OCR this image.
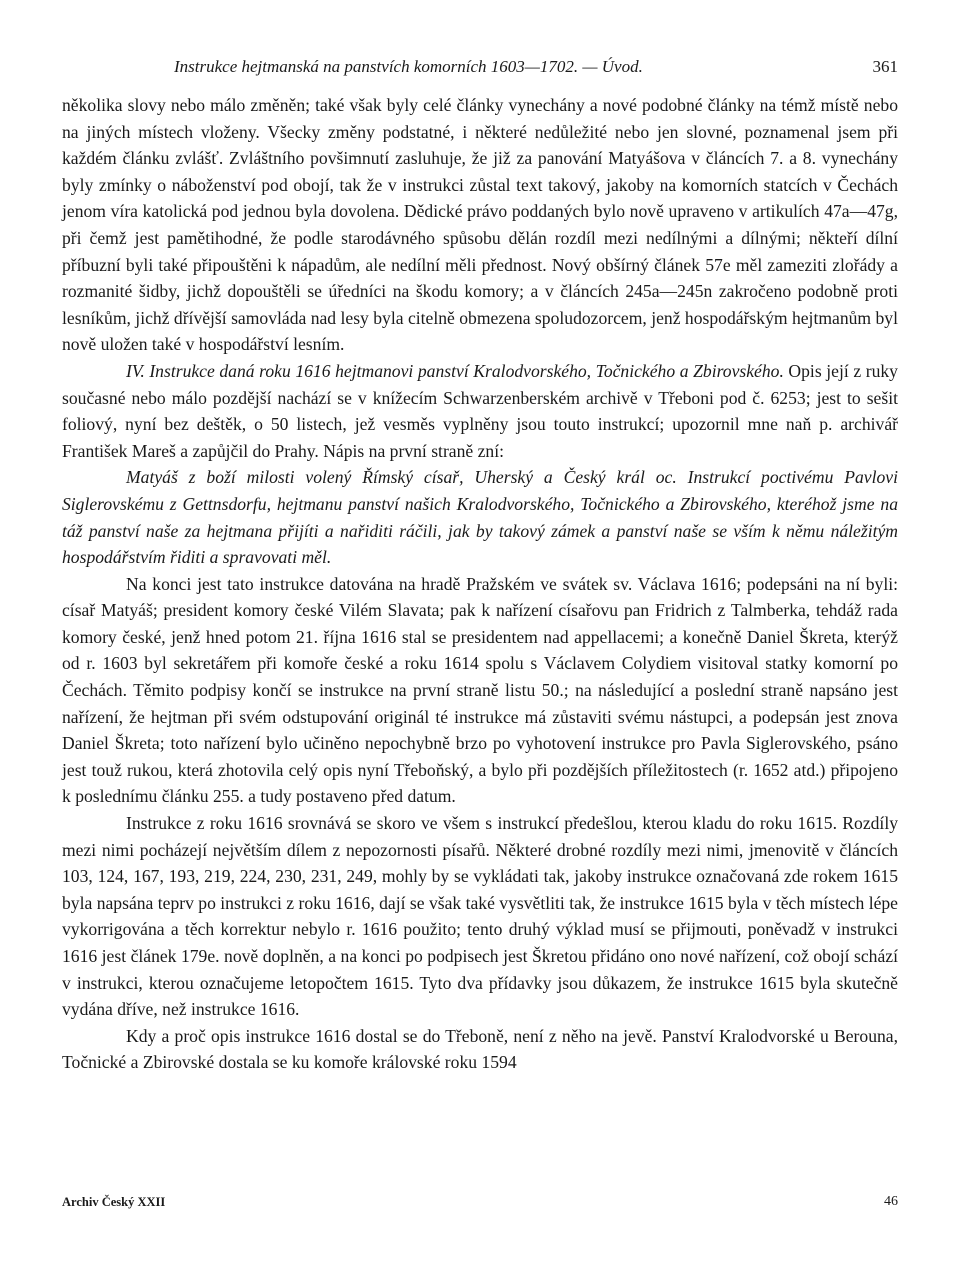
Instrukce hejtmanská na panstvích komorních 1603—1702. — Úvod.	361

několika slovy nebo málo změněn; také však byly celé články vynechány a nové podobné články na témž místě nebo na jiných místech vloženy. Všecky změny podstatné, i některé nedůležité nebo jen slovné, poznamenal jsem při každém článku zvlášť. Zvláštního povšimnutí zasluhuje, že již za panování Matyášova v článcích 7. a 8. vynechány byly zmínky o náboženství pod obojí, tak že v instrukci zůstal text takový, jakoby na komorních statcích v Čechách jenom víra katolická pod jednou byla dovolena. Dědické právo poddaných bylo nově upraveno v artikulích 47a—47g, při čemž jest pamětihodné, že podle starodávného spůsobu dělán rozdíl mezi nedílnými a dílnými; někteří dílní příbuzní byli také připouštěni k nápadům, ale nedílní měli přednost. Nový obšírný článek 57e měl zameziti zlořády a rozmanité šidby, jichž dopouštěli se úředníci na škodu komory; a v článcích 245a—245n zakročeno podobně proti lesníkům, jichž dřívější samovláda nad lesy byla citelně obmezena spoludozorcem, jenž hospodářským hejtmanům byl nově uložen také v hospodářství lesním.

IV. Instrukce daná roku 1616 hejtmanovi panství Kralodvorského, Točnického a Zbirovského. Opis její z ruky současné nebo málo pozdější nachází se v knížecím Schwarzenberském archivě v Třeboni pod č. 6253; jest to sešit foliový, nyní bez deštěk, o 50 listech, jež vesměs vyplněny jsou touto instrukcí; upozornil mne naň p. archivář František Mareš a zapůjčil do Prahy. Nápis na první straně zní:

Matyáš z boží milosti volený Římský císař, Uherský a Český král oc. Instrukcí poctivému Pavlovi Siglerovskému z Gettnsdorfu, hejtmanu panství našich Kralodvorského, Točnického a Zbirovského, kteréhož jsme na táž panství naše za hejtmana přijíti a nařiditi ráčili, jak by takový zámek a panství naše se vším k němu náležitým hospodářstvím řiditi a spravovati měl.

Na konci jest tato instrukce datována na hradě Pražském ve svátek sv. Václava 1616; podepsáni na ní byli: císař Matyáš; president komory české Vilém Slavata; pak k nařízení císařovu pan Fridrich z Talmberka, tehdáž rada komory české, jenž hned potom 21. října 1616 stal se presidentem nad appellacemi; a konečně Daniel Škreta, kterýž od r. 1603 byl sekretářem při komoře české a roku 1614 spolu s Václavem Colydiem visitoval statky komorní po Čechách. Těmito podpisy končí se instrukce na první straně listu 50.; na následující a poslední straně napsáno jest nařízení, že hejtman při svém odstupování originál té instrukce má zůstaviti svému nástupci, a podepsán jest znova Daniel Škreta; toto nařízení bylo učiněno nepochybně brzo po vyhotovení instrukce pro Pavla Siglerovského, psáno jest touž rukou, která zhotovila celý opis nyní Třeboňský, a bylo při pozdějších příležitostech (r. 1652 atd.) připojeno k poslednímu článku 255. a tudy postaveno před datum.

Instrukce z roku 1616 srovnává se skoro ve všem s instrukcí předešlou, kterou kladu do roku 1615. Rozdíly mezi nimi pocházejí největším dílem z nepozornosti písařů. Některé drobné rozdíly mezi nimi, jmenovitě v článcích 103, 124, 167, 193, 219, 224, 230, 231, 249, mohly by se vykládati tak, jakoby instrukce označovaná zde rokem 1615 byla napsána teprv po instrukci z roku 1616, dají se však také vysvětliti tak, že instrukce 1615 byla v těch místech lépe vykorrigována a těch korrektur nebylo r. 1616 použito; tento druhý výklad musí se přijmouti, poněvadž v instrukci 1616 jest článek 179e. nově doplněn, a na konci po podpisech jest Škretou přidáno ono nové nařízení, což obojí schází v instrukci, kterou označujeme letopočtem 1615. Tyto dva přídavky jsou důkazem, že instrukce 1615 byla skutečně vydána dříve, než instrukce 1616.

Kdy a proč opis instrukce 1616 dostal se do Třeboně, není z něho na jevě. Panství Kralodvorské u Berouna, Točnické a Zbirovské dostala se ku komoře královské roku 1594

Archiv Český XXII	46
